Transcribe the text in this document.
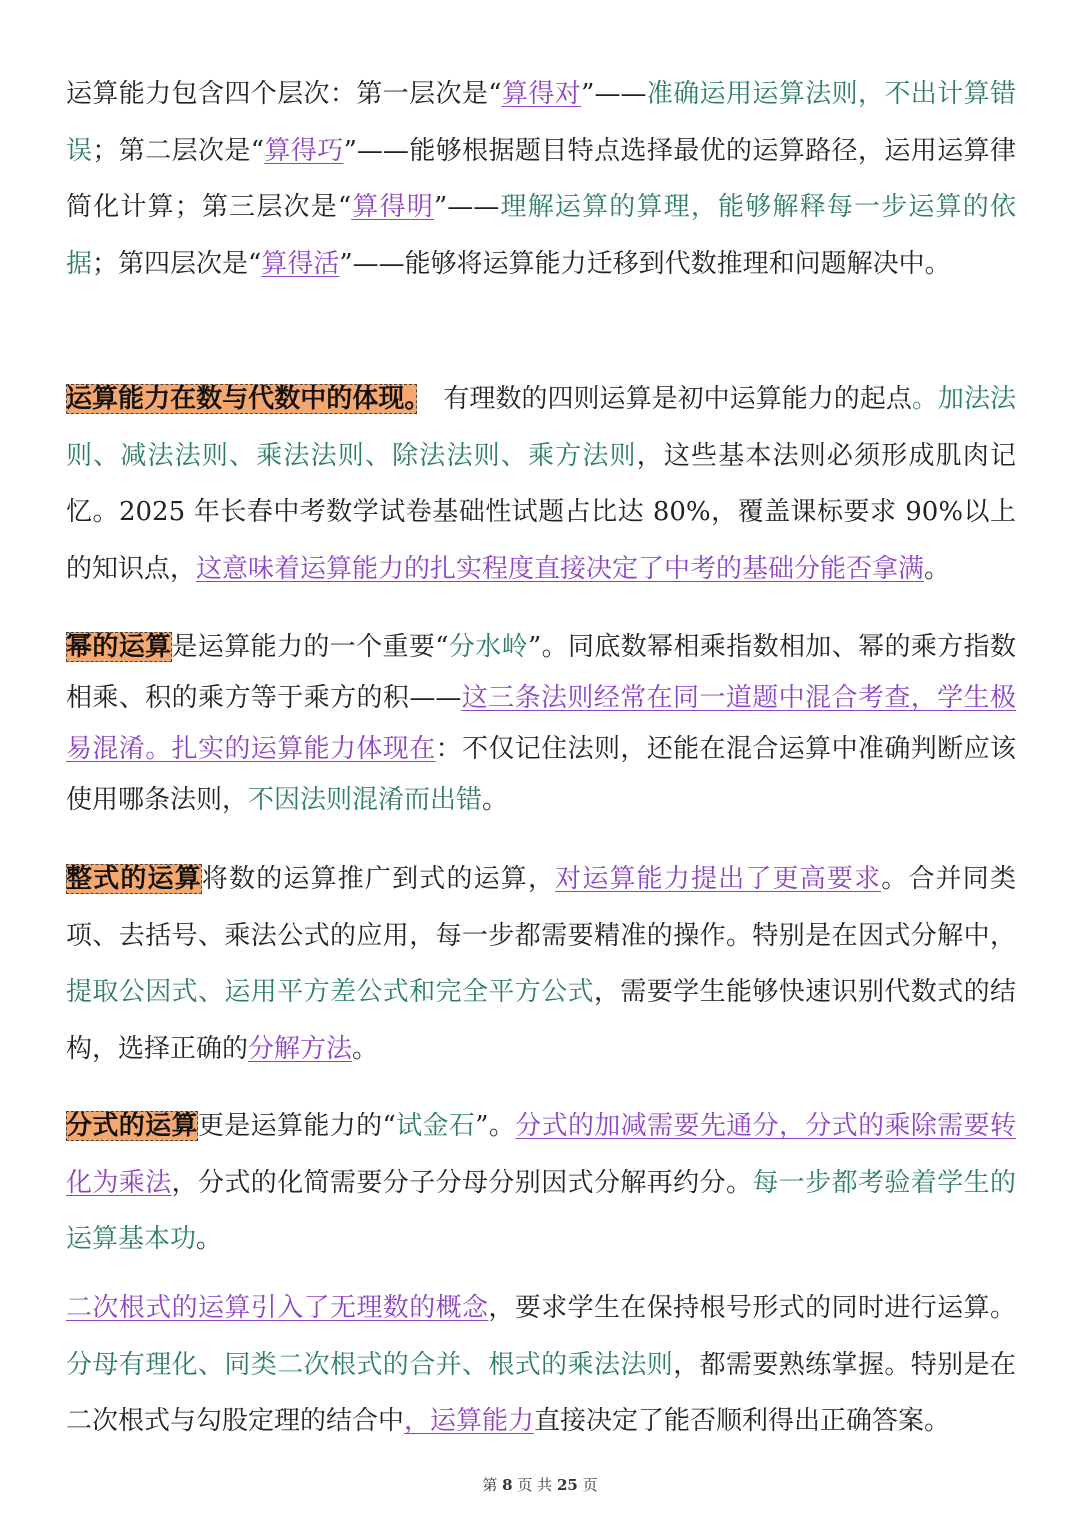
运算能力包含四个层次：第一层次是“算得对”——准确运用运算法则，不出计算错误；第二层次是“算得巧”——能够根据题目特点选择最优的运算路径，运用运算律简化计算；第三层次是“算得明”——理解运算的算理，能够解释每一步运算的依据；第四层次是“算得活”——能够将运算能力迁移到代数推理和问题解决中。

运算能力在数与代数中的体现。　有理数的四则运算是初中运算能力的起点。加法法则、减法法则、乘法法则、除法法则、乘方法则，这些基本法则必须形成肌肉记忆。2025 年长春中考数学试卷基础性试题占比达 80%，覆盖课标要求 90%以上的知识点，这意味着运算能力的扎实程度直接决定了中考的基础分能否拿满。

幂的运算是运算能力的一个重要“分水岭”。同底数幂相乘指数相加、幂的乘方指数相乘、积的乘方等于乘方的积——这三条法则经常在同一道题中混合考查，学生极易混淆。扎实的运算能力体现在：不仅记住法则，还能在混合运算中准确判断应该使用哪条法则，不因法则混淆而出错。

整式的运算将数的运算推广到式的运算，对运算能力提出了更高要求。合并同类项、去括号、乘法公式的应用，每一步都需要精准的操作。特别是在因式分解中，提取公因式、运用平方差公式和完全平方公式，需要学生能够快速识别代数式的结构，选择正确的分解方法。

分式的运算更是运算能力的“试金石”。分式的加减需要先通分，分式的乘除需要转化为乘法，分式的化简需要分子分母分别因式分解再约分。每一步都考验着学生的运算基本功。

二次根式的运算引入了无理数的概念，要求学生在保持根号形式的同时进行运算。分母有理化、同类二次根式的合并、根式的乘法法则，都需要熟练掌握。特别是在二次根式与勾股定理的结合中，运算能力直接决定了能否顺利得出正确答案。

第 8 页 共 25 页
